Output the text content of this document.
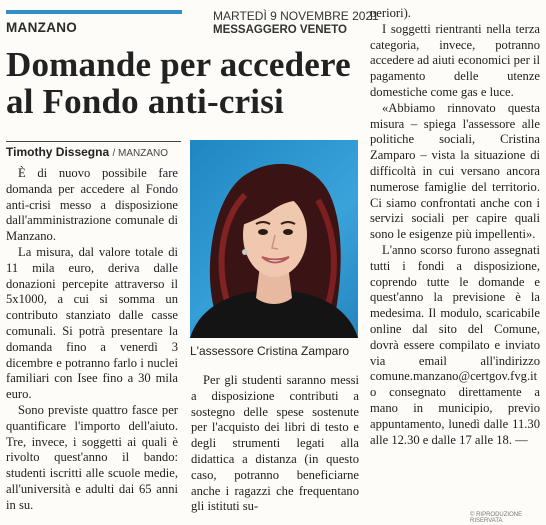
MANZANO
MARTEDÌ 9 NOVEMBRE 2021
MESSAGGERO VENETO
Domande per accedere al Fondo anti-crisi
Timothy Dissegna / MANZANO

È di nuovo possibile fare domanda per accedere al Fondo anti-crisi messo a disposizione dall'amministrazione comunale di Manzano.

La misura, dal valore totale di 11 mila euro, deriva dalle donazioni percepite attraverso il 5x1000, a cui si somma un contributo stanziato dalle casse comunali. Si potrà presentare la domanda fino a venerdì 3 dicembre e potranno farlo i nuclei familiari con Isee fino a 30 mila euro.

Sono previste quattro fasce per quantificare l'importo dell'aiuto. Tre, invece, i soggetti ai quali è rivolto quest'anno il bando: studenti iscritti alle scuole medie, all'università e adulti dai 65 anni in su.

L'assessore Cristina Zamparo

Per gli studenti saranno messi a disposizione contributi a sostegno delle spese sostenute per l'acquisto dei libri di testo e degli strumenti legati alla didattica a distanza (in questo caso, potranno beneficiarne anche i ragazzi che frequentano gli istituti su-

periori).

I soggetti rientranti nella terza categoria, invece, potranno accedere ad aiuti economici per il pagamento delle utenze domestiche come gas e luce.

«Abbiamo rinnovato questa misura – spiega l'assessore alle politiche sociali, Cristina Zamparo – vista la situazione di difficoltà in cui versano ancora numerose famiglie del territorio. Ci siamo confrontati anche con i servizi sociali per capire quali sono le esigenze più impellenti».

L'anno scorso furono assegnati tutti i fondi a disposizione, coprendo tutte le domande e quest'anno la previsione è la medesima. Il modulo, scaricabile online dal sito del Comune, dovrà essere compilato e inviato via email all'indirizzo comune.manzano@certgov.fvg.it o consegnato direttamente a mano in municipio, previo appuntamento, lunedì dalle 11.30 alle 12.30 e dalle 17 alle 18. —

© RIPRODUZIONE RISERVATA
